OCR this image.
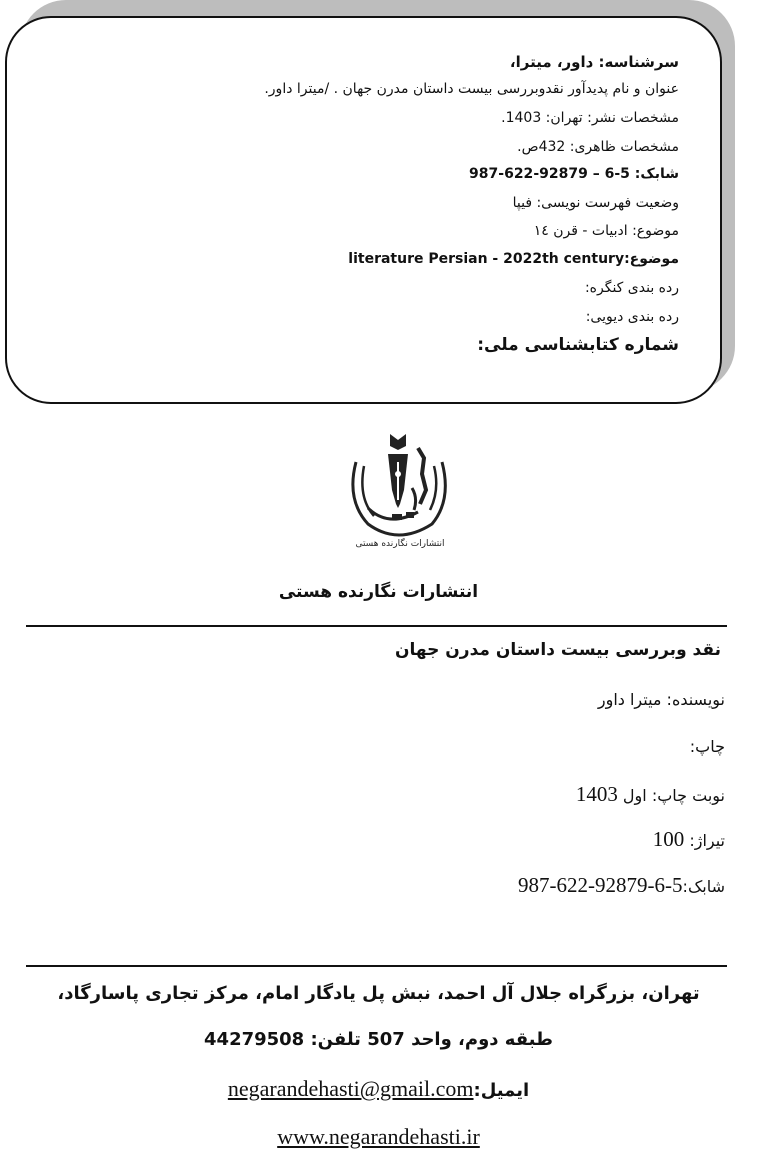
سرشناسه: داور، میترا،
عنوان و نام پدیدآور نقدوبررسی بیست داستان مدرن جهان . /میترا داور.
مشخصات نشر: تهران: 1403.
مشخصات ظاهری: 432ص.
شابک: 5-6 – 92879-622-987
وضعیت فهرست نویسی: فیپا
موضوع: ادبیات - قرن ١٤
موضوع:literature Persian - 2022th century
رده بندی کنگره:
رده بندی دیویی:
شماره کتابشناسی ملی:
انتشارات نگارنده هستی
انتشارات نگارنده هستی
نقد وبررسی بیست داستان مدرن جهان
نویسنده: میترا داور
چاپ:
نوبت چاپ: اول 1403
تیراژ: 100
شابک:5-6-92879-622-987
تهران، بزرگراه جلال آل احمد، نبش پل یادگار امام، مرکز تجاری پاسارگاد،
طبقه دوم، واحد 507 تلفن: 44279508
ایمیل:negarandehasti@gmail.com
www.negarandehasti.ir
